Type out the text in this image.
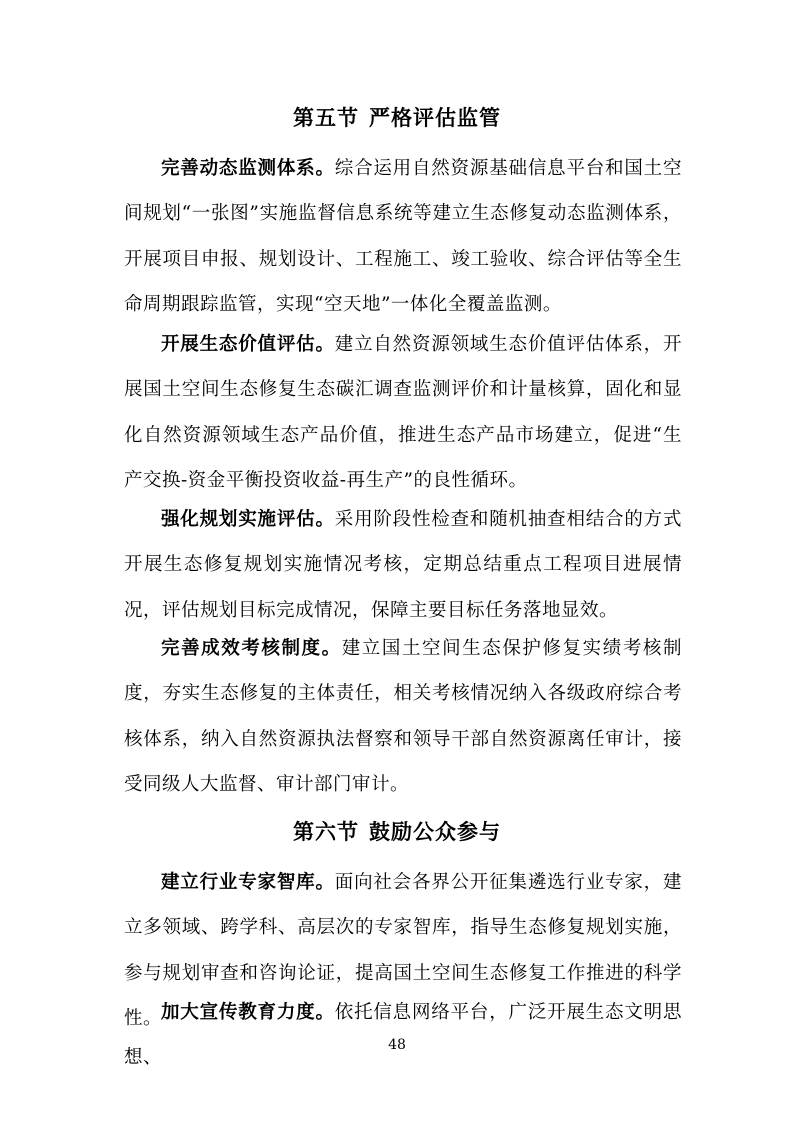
第五节 严格评估监管

完善动态监测体系。综合运用自然资源基础信息平台和国土空间规划“一张图”实施监督信息系统等建立生态修复动态监测体系，开展项目申报、规划设计、工程施工、竣工验收、综合评估等全生命周期跟踪监管，实现“空天地”一体化全覆盖监测。

开展生态价值评估。建立自然资源领域生态价值评估体系，开展国土空间生态修复生态碳汇调查监测评价和计量核算，固化和显化自然资源领域生态产品价值，推进生态产品市场建立，促进“生产交换-资金平衡投资收益-再生产”的良性循环。

强化规划实施评估。采用阶段性检查和随机抽查相结合的方式开展生态修复规划实施情况考核，定期总结重点工程项目进展情况，评估规划目标完成情况，保障主要目标任务落地显效。

完善成效考核制度。建立国土空间生态保护修复实绩考核制度，夯实生态修复的主体责任，相关考核情况纳入各级政府综合考核体系，纳入自然资源执法督察和领导干部自然资源离任审计，接受同级人大监督、审计部门审计。

第六节 鼓励公众参与

建立行业专家智库。面向社会各界公开征集遴选行业专家，建立多领域、跨学科、高层次的专家智库，指导生态修复规划实施，参与规划审查和咨询论证，提高国土空间生态修复工作推进的科学性。

加大宣传教育力度。依托信息网络平台，广泛开展生态文明思想、

48
